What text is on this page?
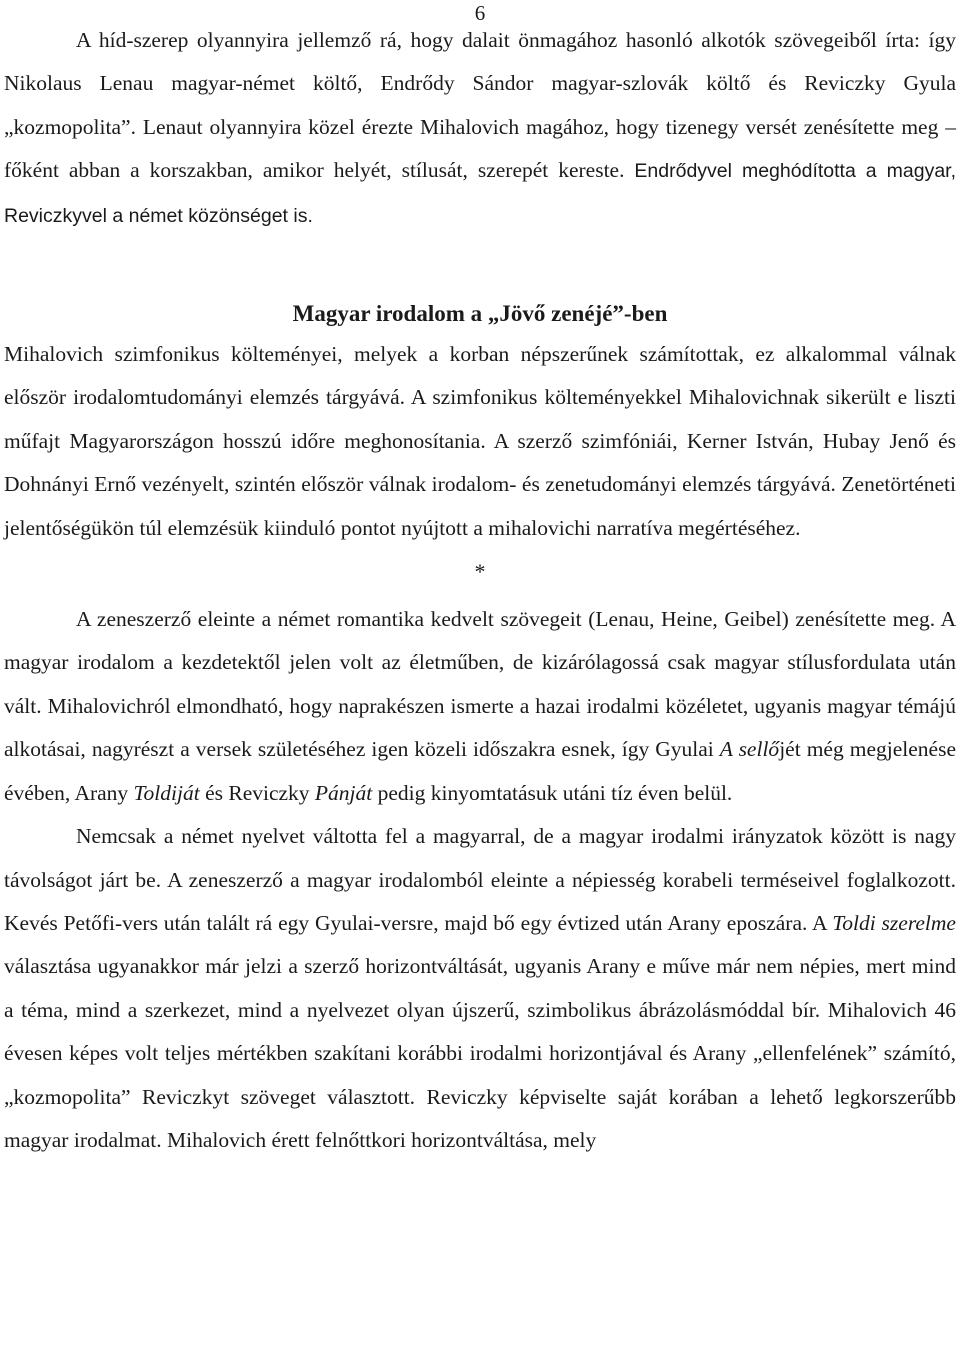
6

A híd-szerep olyannyira jellemző rá, hogy dalait önmagához hasonló alkotók szövegeiből írta: így Nikolaus Lenau magyar-német költő, Endrődy Sándor magyar-szlovák költő és Reviczky Gyula „kozmopolita”. Lenaut olyannyira közel érezte Mihalovich magához, hogy tizenegy versét zenésítette meg – főként abban a korszakban, amikor helyét, stílusát, szerepét kereste. Endrődyvel meghódította a magyar, Reviczkyvel a német közönséget is.

Magyar irodalom a „Jövő zenéjé”-ben

Mihalovich szimfonikus költeményei, melyek a korban népszerűnek számítottak, ez alkalommal válnak először irodalomtudományi elemzés tárgyává. A szimfonikus költeményekkel Mihalovichnak sikerült e liszti műfajt Magyarországon hosszú időre meghonosítania. A szerző szimfóniái, Kerner István, Hubay Jenő és Dohnányi Ernő vezényelt, szintén először válnak irodalom- és zenetudományi elemzés tárgyává. Zenetörténeti jelentőségükön túl elemzésük kiinduló pontot nyújtott a mihalovichi narratíva megértéséhez.

*

A zeneszerző eleinte a német romantika kedvelt szövegeit (Lenau, Heine, Geibel) zenésítette meg. A magyar irodalom a kezdetektől jelen volt az életműben, de kizárólagossá csak magyar stílusfordulata után vált. Mihalovichról elmondható, hogy naprakészen ismerte a hazai irodalmi közéletet, ugyanis magyar témájú alkotásai, nagyrészt a versek születéséhez igen közeli időszakra esnek, így Gyulai A sellőjét még megjelenése évében, Arany Toldiját és Reviczky Pánját pedig kinyomtatásuk utáni tíz éven belül.

Nemcsak a német nyelvet váltotta fel a magyarral, de a magyar irodalmi irányzatok között is nagy távolságot járt be. A zeneszerző a magyar irodalomból eleinte a népiesség korabeli terméseivel foglalkozott. Kevés Petőfi-vers után talált rá egy Gyulai-versre, majd bő egy évtized után Arany eposzára. A Toldi szerelme választása ugyanakkor már jelzi a szerző horizontváltását, ugyanis Arany e műve már nem népies, mert mind a téma, mind a szerkezet, mind a nyelvezet olyan újszerű, szimbolikus ábrázolásmóddal bír. Mihalovich 46 évesen képes volt teljes mértékben szakítani korábbi irodalmi horizontjával és Arany „ellenfelének” számító, „kozmopolita” Reviczkyt szöveget választott. Reviczky képviselte saját korában a lehető legkorszerűbb magyar irodalmat. Mihalovich érett felnőttkori horizontváltása, mely
